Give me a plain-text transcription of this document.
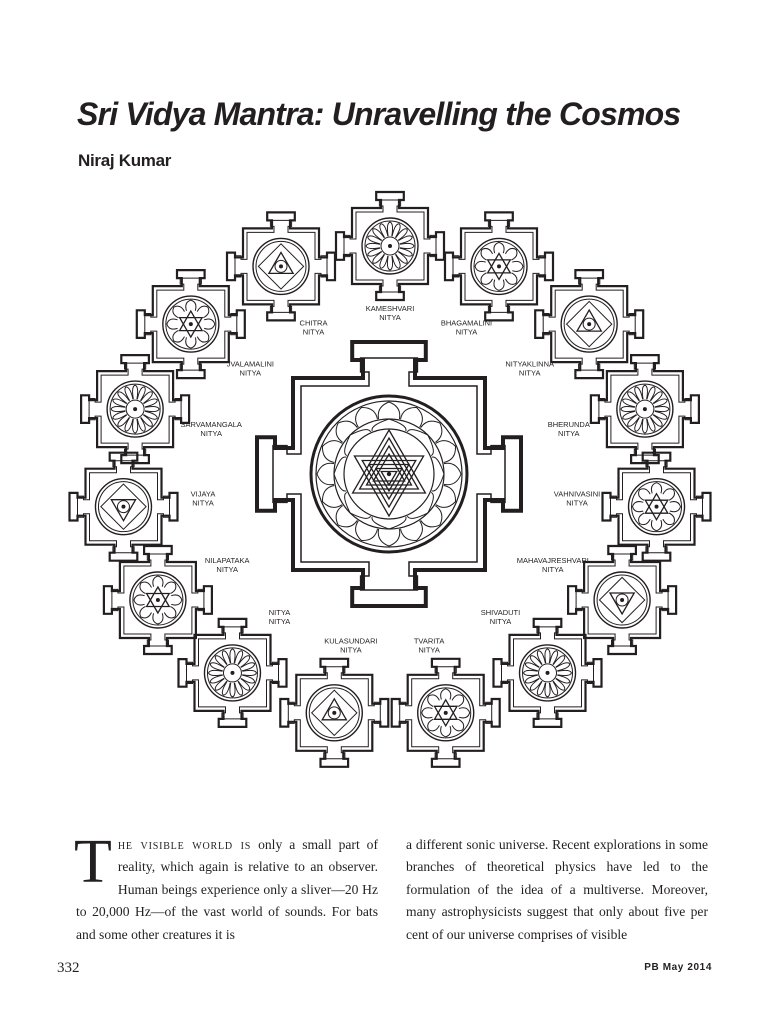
Sri Vidya Mantra: Unravelling the Cosmos
Niraj Kumar
KAMESHVARI
NITYA
BHAGAMALINI
NITYA
NITYAKLINNA
NITYA
BHERUNDA
NITYA
VAHNIVASINI
NITYA
MAHAVAJRESHVARI
NITYA
SHIVADUTI
NITYA
TVARITA
NITYA
KULASUNDARI
NITYA
NITYA
NITYA
NILAPATAKA
NITYA
VIJAYA
NITYA
SARVAMANGALA
NITYA
JVALAMALINI
NITYA
CHITRA
NITYA
The visible world is only a small part of reality, which again is relative to an observer. Human beings experience only a sliver—20 Hz to 20,000 Hz—of the vast world of sounds. For bats and some other creatures it is
a different sonic universe. Recent explorations in some branches of theoretical physics have led to the formulation of the idea of a multiverse. Moreover, many astrophysicists suggest that only about five per cent of our universe comprises of visible
332	PB May 2014
